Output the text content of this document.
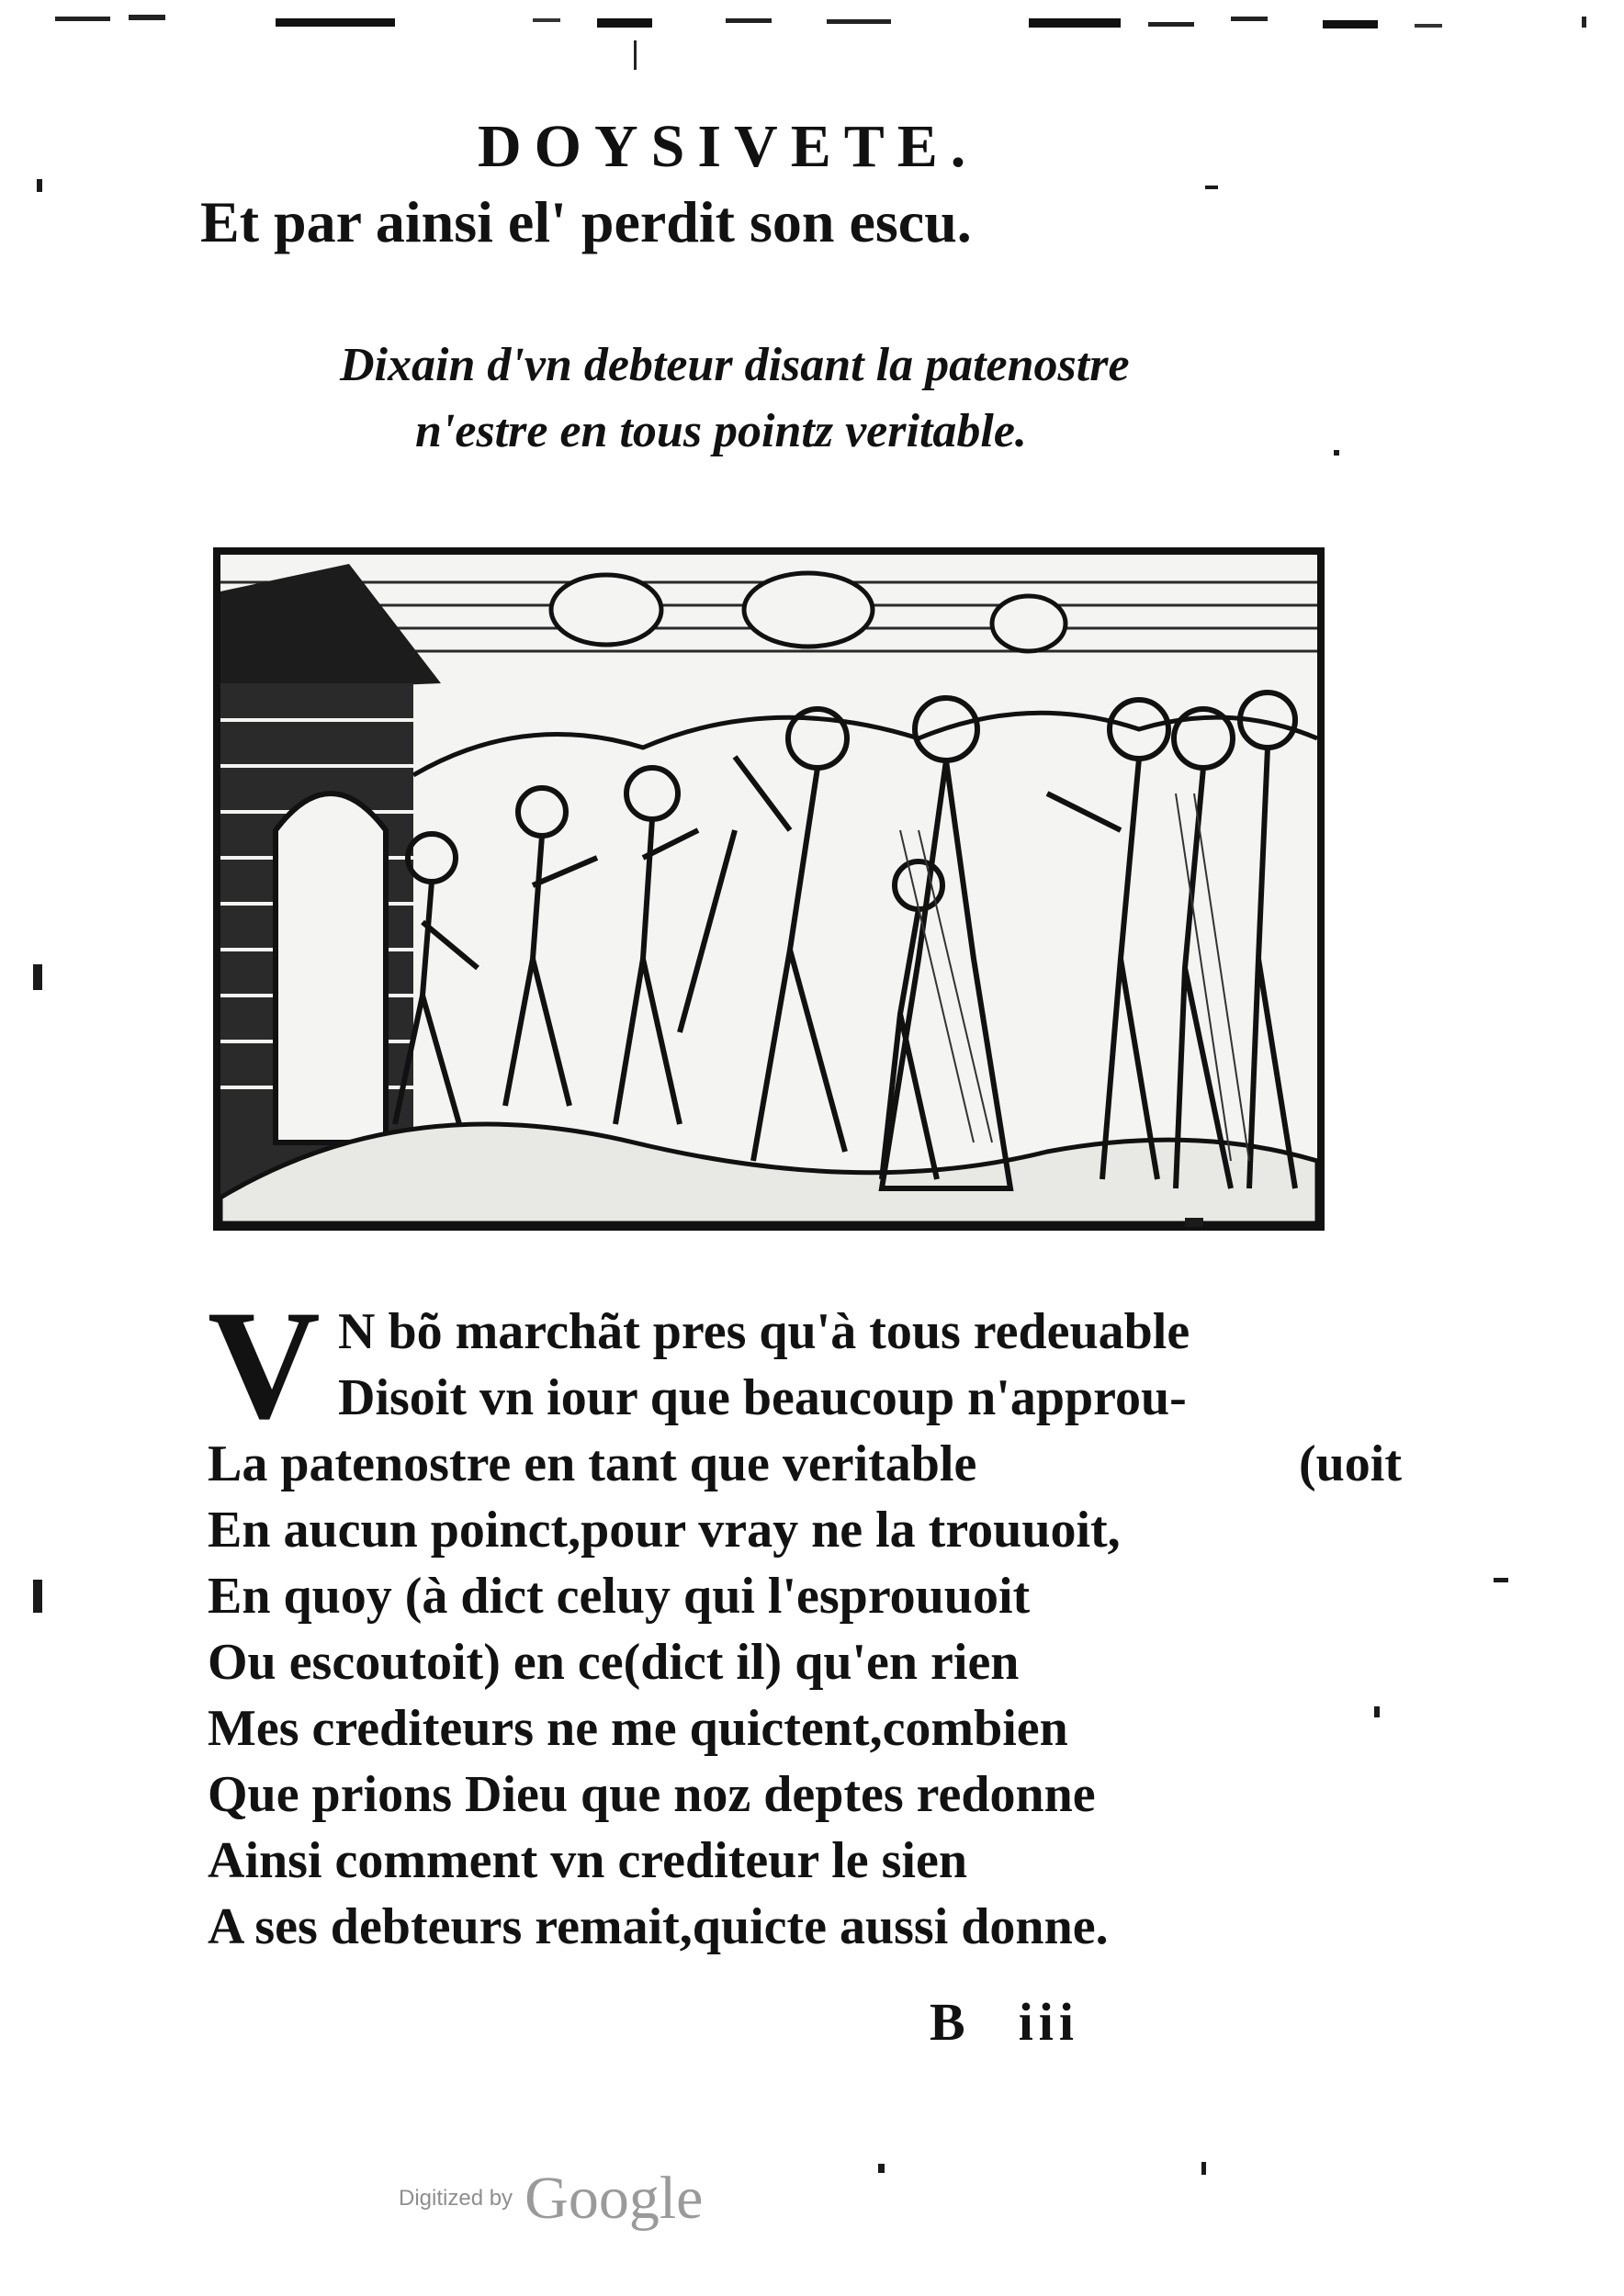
DOYSIVETE.
Et par ainsi el' perdit son escu.
Dixain d'vn debteur disant la patenostre
n'estre en tous pointz veritable.
V N bõ marchãt pres qu'à tous redeuable
Disoit vn iour que beaucoup n'approu-
La patenostre en tant que veritable	(uoit
En aucun poinct,pour vray ne la trouuoit,
En quoy (à dict celuy qui l'esprouuoit
Ou escoutoit) en ce(dict il) qu'en rien
Mes crediteurs ne me quictent,combien
Que prions Dieu que noz deptes redonne
Ainsi comment vn crediteur le sien
A ses debteurs remait,quicte aussi donne.
B iii
Digitized by Google
